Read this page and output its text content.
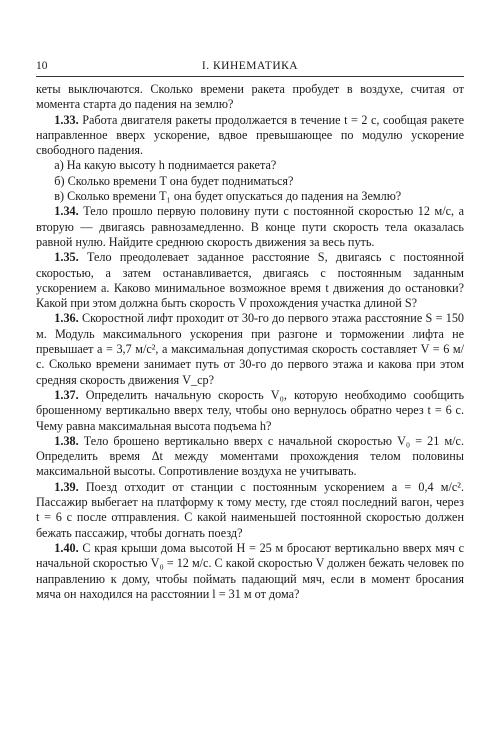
10	I. КИНЕМАТИКА

кеты выключаются. Сколько времени ракета пробудет в воздухе, считая от момента старта до падения на землю?

1.33. Работа двигателя ракеты продолжается в течение t = 2 с, сообщая ракете направленное вверх ускорение, вдвое превышающее по модулю ускорение свободного падения.

а) На какую высоту h поднимается ракета?

б) Сколько времени T она будет подниматься?

в) Сколько времени T₁ она будет опускаться до падения на Землю?

1.34. Тело прошло первую половину пути с постоянной скоростью 12 м/с, а вторую — двигаясь равнозамедленно. В конце пути скорость тела оказалась равной нулю. Найдите среднюю скорость движения за весь путь.

1.35. Тело преодолевает заданное расстояние S, двигаясь с постоянной скоростью, а затем останавливается, двигаясь с постоянным заданным ускорением a. Каково минимальное возможное время t движения до остановки? Какой при этом должна быть скорость V прохождения участка длиной S?

1.36. Скоростной лифт проходит от 30-го до первого этажа расстояние S = 150 м. Модуль максимального ускорения при разгоне и торможении лифта не превышает a = 3,7 м/с², а максимальная допустимая скорость составляет V = 6 м/с. Сколько времени занимает путь от 30-го до первого этажа и какова при этом средняя скорость движения V_ср?

1.37. Определить начальную скорость V₀, которую необходимо сообщить брошенному вертикально вверх телу, чтобы оно вернулось обратно через t = 6 с. Чему равна максимальная высота подъема h?

1.38. Тело брошено вертикально вверх с начальной скоростью V₀ = 21 м/с. Определить время Δt между моментами прохождения телом половины максимальной высоты. Сопротивление воздуха не учитывать.

1.39. Поезд отходит от станции с постоянным ускорением a = 0,4 м/с². Пассажир выбегает на платформу к тому месту, где стоял последний вагон, через t = 6 с после отправления. С какой наименьшей постоянной скоростью должен бежать пассажир, чтобы догнать поезд?

1.40. С края крыши дома высотой H = 25 м бросают вертикально вверх мяч с начальной скоростью V₀ = 12 м/с. С какой скоростью V должен бежать человек по направлению к дому, чтобы поймать падающий мяч, если в момент бросания мяча он находился на расстоянии l = 31 м от дома?
